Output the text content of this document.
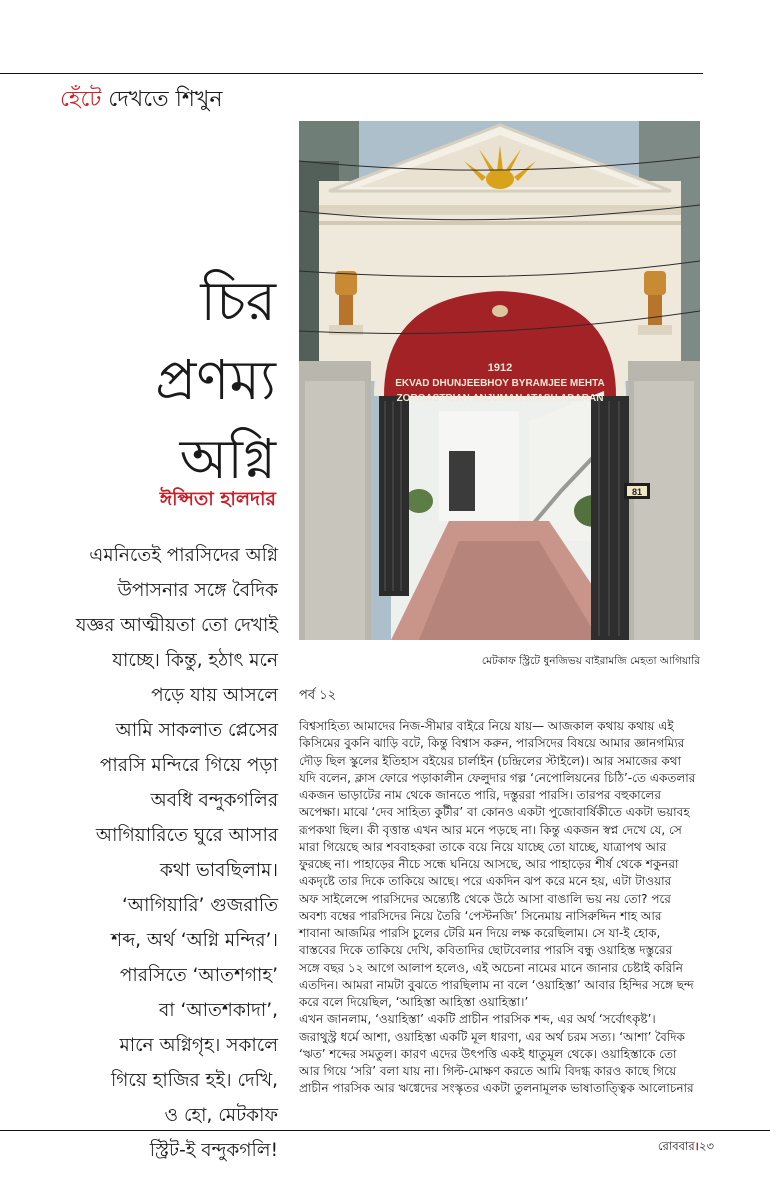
হেঁটে দেখতে শিখুন
চির
প্রণম্য
অগ্নি
ঈপ্সিতা হালদার
এমনিতেই পারসিদের অগ্নি
উপাসনার সঙ্গে বৈদিক
যজ্ঞর আত্মীয়তা তো দেখাই
যাচ্ছে। কিন্তু, হঠাৎ মনে
পড়ে যায় আসলে
আমি সাকলাত প্লেসের
পারসি মন্দিরে গিয়ে পড়া
অবধি বন্দুকগলির
আগিয়ারিতে ঘুরে আসার
কথা ভাবছিলাম।
‘আগিয়ারি’ গুজরাতি
শব্দ, অর্থ ‘অগ্নি মন্দির’।
পারসিতে ‘আতশগাহ’
বা ‘আতশকাদা’,
মানে অগ্নিগৃহ। সকালে
গিয়ে হাজির হই। দেখি,
ও হো, মেটকাফ
স্ট্রিট-ই বন্দুকগলি!
1912
EKVAD DHUNJEEBHOY BYRAMJEE MEHTA
ZOROASTRIAN ANJUMAN ATASH ADARAN
81
মেটকাফ স্ট্রিটে ধুনজিভয় বাইরামজি মেহতা আগিয়ারি
পর্ব ১২
বিশ্বসাহিত্য আমাদের নিজ-সীমার বাইরে নিয়ে যায়— আজকাল কথায় কথায় এই
কিসিমের বুকনি ঝাড়ি বটে, কিন্তু বিশ্বাস করুন, পারসিদের বিষয়ে আমার জ্ঞানগম্যির
দৌড় ছিল স্কুলের ইতিহাস বইয়ের চার্লাইন (চন্দ্রিলের স্টাইলে)। আর সমাজের কথা
যদি বলেন, ক্লাস ফোরে পড়াকালীন ফেলুদার গল্প ‘নেপোলিয়নের চিঠি’-তে একতলার
একজন ভাড়াটের নাম থেকে জানতে পারি, দস্তুররা পারসি। তারপর বহুকালের
অপেক্ষা। মাঝে ‘দেব সাহিত্য কুটীর’ বা কোনও একটা পুজোবার্ষিকীতে একটা ভয়াবহ
রূপকথা ছিল। কী বৃত্তান্ত এখন আর মনে পড়ছে না। কিন্তু একজন স্বপ্ন দেখে যে, সে
মারা গিয়েছে আর শববাহকরা তাকে বয়ে নিয়ে যাচ্ছে তো যাচ্ছে, যাত্রাপথ আর
ফুরচ্ছে না। পাহাড়ের নীচে সন্ধে ঘনিয়ে আসছে, আর পাহাড়ের শীর্ষ থেকে শকুনরা
একদৃষ্টে তার দিকে তাকিয়ে আছে। পরে একদিন ঝপ করে মনে হয়, এটা টাওয়ার
অফ সাইলেন্সে পারসিদের অন্ত্যেষ্টি থেকে উঠে আসা বাঙালি ভয় নয় তো? পরে
অবশ্য বম্বের পারসিদের নিয়ে তৈরি ‘পেস্টনজি’ সিনেমায় নাসিরুদ্দিন শাহ আর
শাবানা আজমির পারসি চুলের টেরি মন দিয়ে লক্ষ করেছিলাম। সে যা-ই হোক,
বাস্তবের দিকে তাকিয়ে দেখি, কবিতাদির ছোটবেলার পারসি বন্ধু ওয়াহিস্ত দস্তুরের
সঙ্গে বছর ১২ আগে আলাপ হলেও, এই অচেনা নামের মানে জানার চেষ্টাই করিনি
এতদিন। আমরা নামটা বুঝতে পারছিলাম না বলে ‘ওয়াহিস্তা’ আবার হিন্দির সঙ্গে ছন্দ
করে বলে দিয়েছিল, ‘আহিস্তা আহিস্তা ওয়াহিস্তা।’
এখন জানলাম, ‘ওয়াহিস্তা’ একটি প্রাচীন পারসিক শব্দ, এর অর্থ ‘সর্বোৎকৃষ্ট’।
জরাথুস্ট্র ধর্মে আশা, ওয়াহিস্তা একটি মূল ধারণা, এর অর্থ চরম সত্য। ‘আশা’ বৈদিক
‘ঋত’ শব্দের সমতুল। কারণ এদের উৎপত্তি একই ধাতুমূল থেকে। ওয়াহিস্তাকে তো
আর গিয়ে ‘সরি’ বলা যায় না। গিল্ট-মোক্ষণ করতে আমি বিদগ্ধ কারও কাছে গিয়ে
প্রাচীন পারসিক আর ঋগ্বেদের সংস্কৃতর একটা তুলনামূলক ভাষাতাত্ত্বিক আলোচনার
রোববার।২৩
